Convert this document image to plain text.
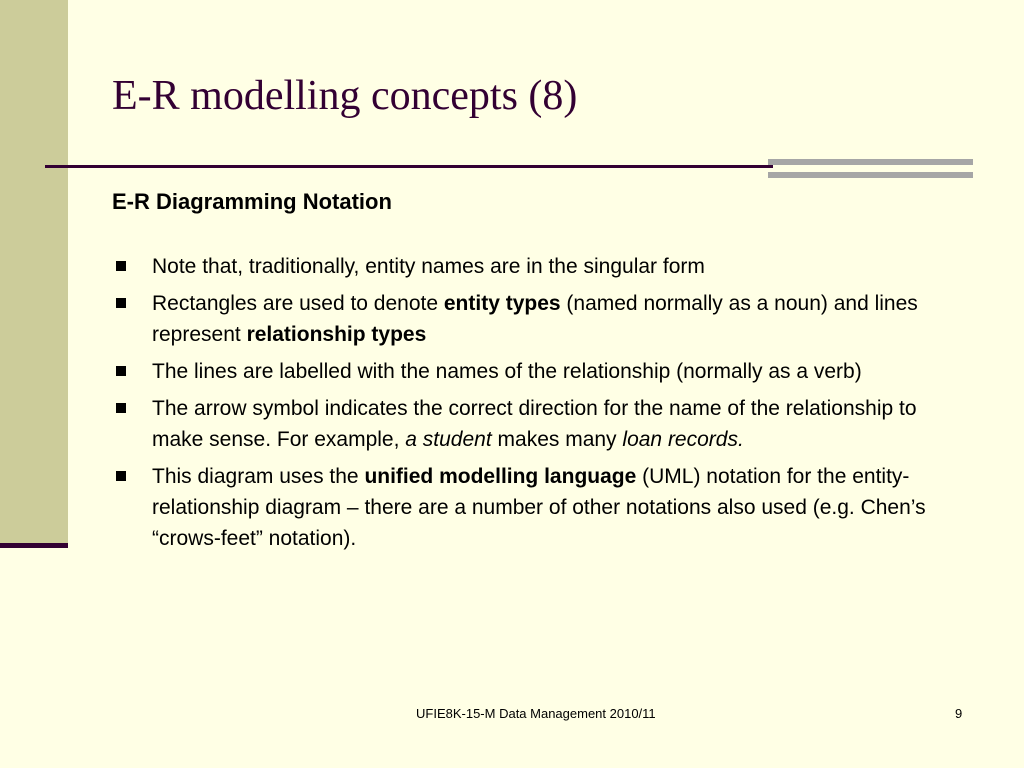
E-R modelling concepts (8)
E-R Diagramming Notation
Note that, traditionally, entity names are in the singular form
Rectangles are used to denote entity types (named normally as a noun) and lines represent relationship types
The lines are labelled with the names of the relationship (normally as a verb)
The arrow symbol indicates the correct direction for the name of the relationship to make sense. For example, a student makes many loan records.
This diagram uses the unified modelling language (UML) notation for the entity-relationship diagram – there are a number of other notations also used (e.g. Chen’s “crows-feet” notation).
UFIE8K-15-M Data Management 2010/11	9
